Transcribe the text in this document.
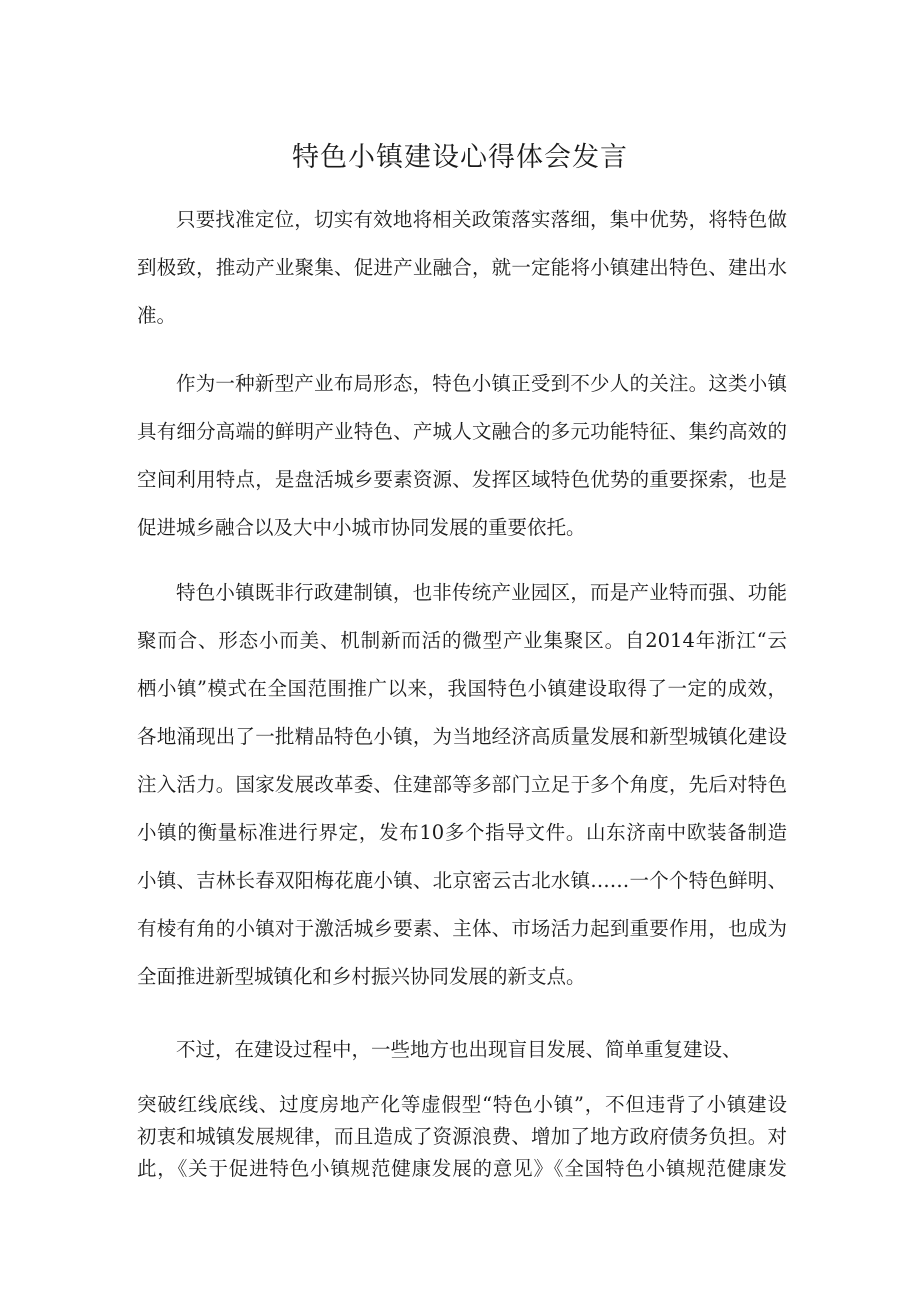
特色小镇建设心得体会发言

只要找准定位，切实有效地将相关政策落实落细，集中优势，将特色做

到极致，推动产业聚集、促进产业融合，就一定能将小镇建出特色、建出水

准。

作为一种新型产业布局形态，特色小镇正受到不少人的关注。这类小镇

具有细分高端的鲜明产业特色、产城人文融合的多元功能特征、集约高效的

空间利用特点，是盘活城乡要素资源、发挥区域特色优势的重要探索，也是

促进城乡融合以及大中小城市协同发展的重要依托。

特色小镇既非行政建制镇，也非传统产业园区，而是产业特而强、功能

聚而合、形态小而美、机制新而活的微型产业集聚区。自2014年浙江“云

栖小镇”模式在全国范围推广以来，我国特色小镇建设取得了一定的成效，

各地涌现出了一批精品特色小镇，为当地经济高质量发展和新型城镇化建设

注入活力。国家发展改革委、住建部等多部门立足于多个角度，先后对特色

小镇的衡量标准进行界定，发布10多个指导文件。山东济南中欧装备制造

小镇、吉林长春双阳梅花鹿小镇、北京密云古北水镇……一个个特色鲜明、

有棱有角的小镇对于激活城乡要素、主体、市场活力起到重要作用，也成为

全面推进新型城镇化和乡村振兴协同发展的新支点。

不过，在建设过程中，一些地方也出现盲目发展、简单重复建设、

突破红线底线、过度房地产化等虚假型“特色小镇”，不但违背了小镇建设

初衷和城镇发展规律，而且造成了资源浪费、增加了地方政府债务负担。对

此，《关于促进特色小镇规范健康发展的意见》《全国特色小镇规范健康发
